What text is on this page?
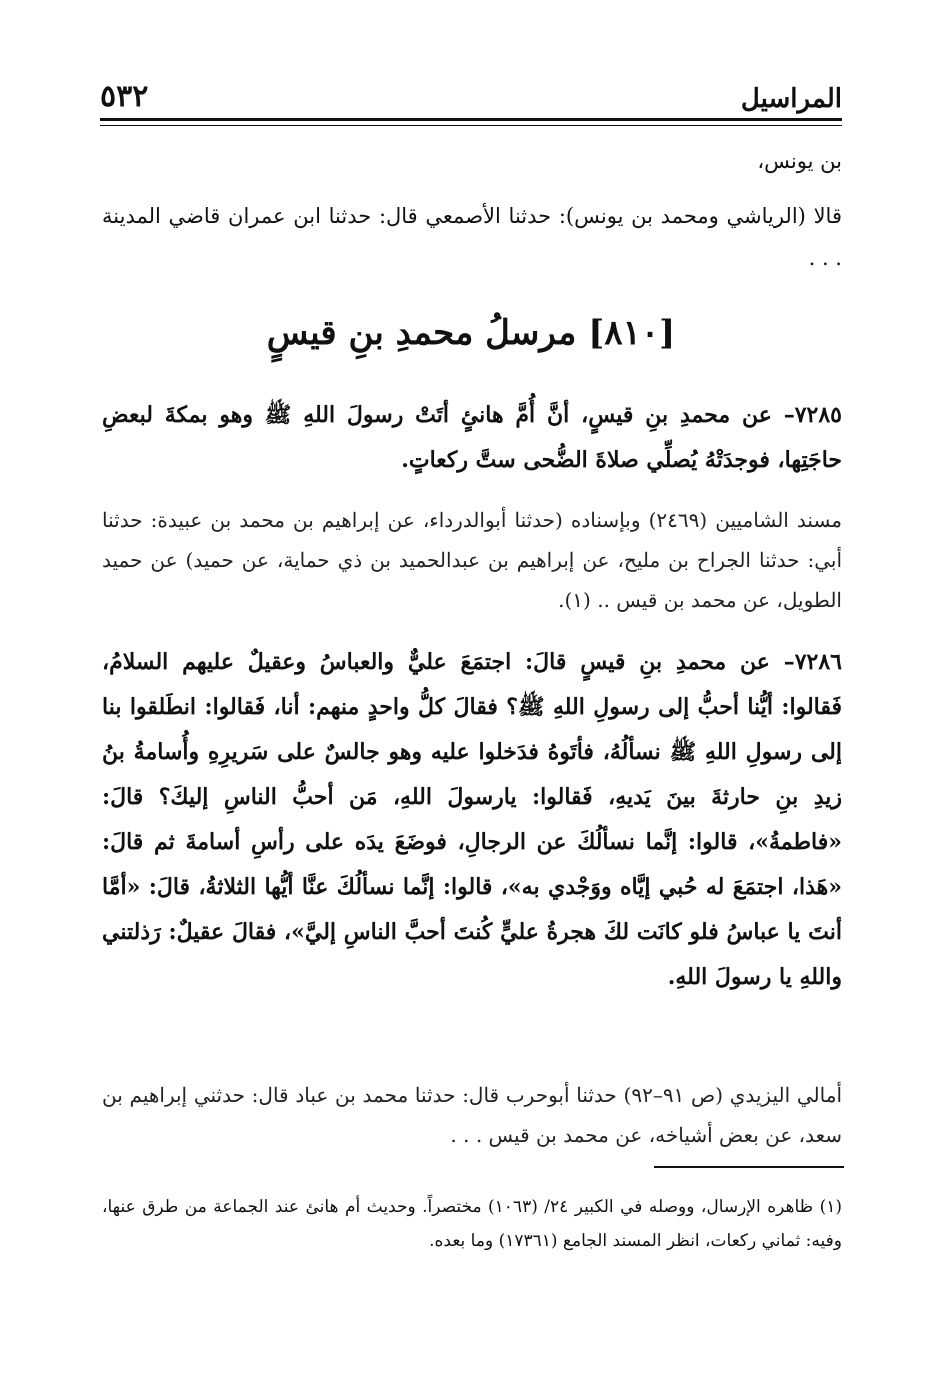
المراسيل
٥٣٢
بن يونس،
قالا (الرياشي ومحمد بن يونس): حدثنا الأصمعي قال: حدثنا ابن عمران قاضي المدينة . . .
[٨١٠] مرسلُ محمدِ بنِ قيسٍ
٧٢٨٥– عن محمدِ بنِ قيسٍ، أنَّ أُمَّ هانئٍ أتَتْ رسولَ اللهِ ﷺ وهو بمكةَ لبعضِ حاجَتِها، فوجدَتْهُ يُصلِّي صلاةَ الضُّحى ستَّ ركعاتٍ.
مسند الشاميين (٢٤٦٩) وبإسناده (حدثنا أبوالدرداء، عن إبراهيم بن محمد بن عبيدة: حدثنا أبي: حدثنا الجراح بن مليح، عن إبراهيم بن عبدالحميد بن ذي حماية، عن حميد) عن حميد الطويل، عن محمد بن قيس .. (١).
٧٢٨٦– عن محمدِ بنِ قيسٍ قالَ: اجتمَعَ عليٌّ والعباسُ وعقيلٌ عليهم السلامُ، فَقالوا: أيُّنا أحبُّ إلى رسولِ اللهِ ﷺ؟ فقالَ كلُّ واحدٍ منهم: أنا، فَقالوا: انطَلقوا بنا إلى رسولِ اللهِ ﷺ نسألُهُ، فأتَوهُ فدَخلوا عليه وهو جالسٌ على سَريرِهِ وأُسامةُ بنُ زيدِ بنِ حارثةَ بينَ يَديهِ، فَقالوا: يارسولَ اللهِ، مَن أحبُّ الناسِ إليكَ؟ قالَ: «فاطمةُ»، قالوا: إنَّما نسألُكَ عن الرجالِ، فوضَعَ يدَه على رأسِ أسامةَ ثم قالَ: «هَذا، اجتمَعَ له حُبي إيَّاه ووَجْدي به»، قالوا: إنَّما نسألُكَ عنَّا أيُّها الثلاثةُ، قالَ: «أمَّا أنتَ يا عباسُ فلو كانَت لكَ هجرةُ عليٍّ كُنتَ أحبَّ الناسِ إليَّ»، فقالَ عقيلٌ: رَذلتني واللهِ يا رسولَ اللهِ.
أمالي اليزيدي (ص ٩١–٩٢) حدثنا أبوحرب قال: حدثنا محمد بن عباد قال: حدثني إبراهيم بن سعد، عن بعض أشياخه، عن محمد بن قيس . . .
(١) ظاهره الإرسال، ووصله في الكبير ٢٤/ (١٠٦٣) مختصراً. وحديث أم هانئ عند الجماعة من طرق عنها، وفيه: ثماني ركعات، انظر المسند الجامع (١٧٣٦١) وما بعده.
